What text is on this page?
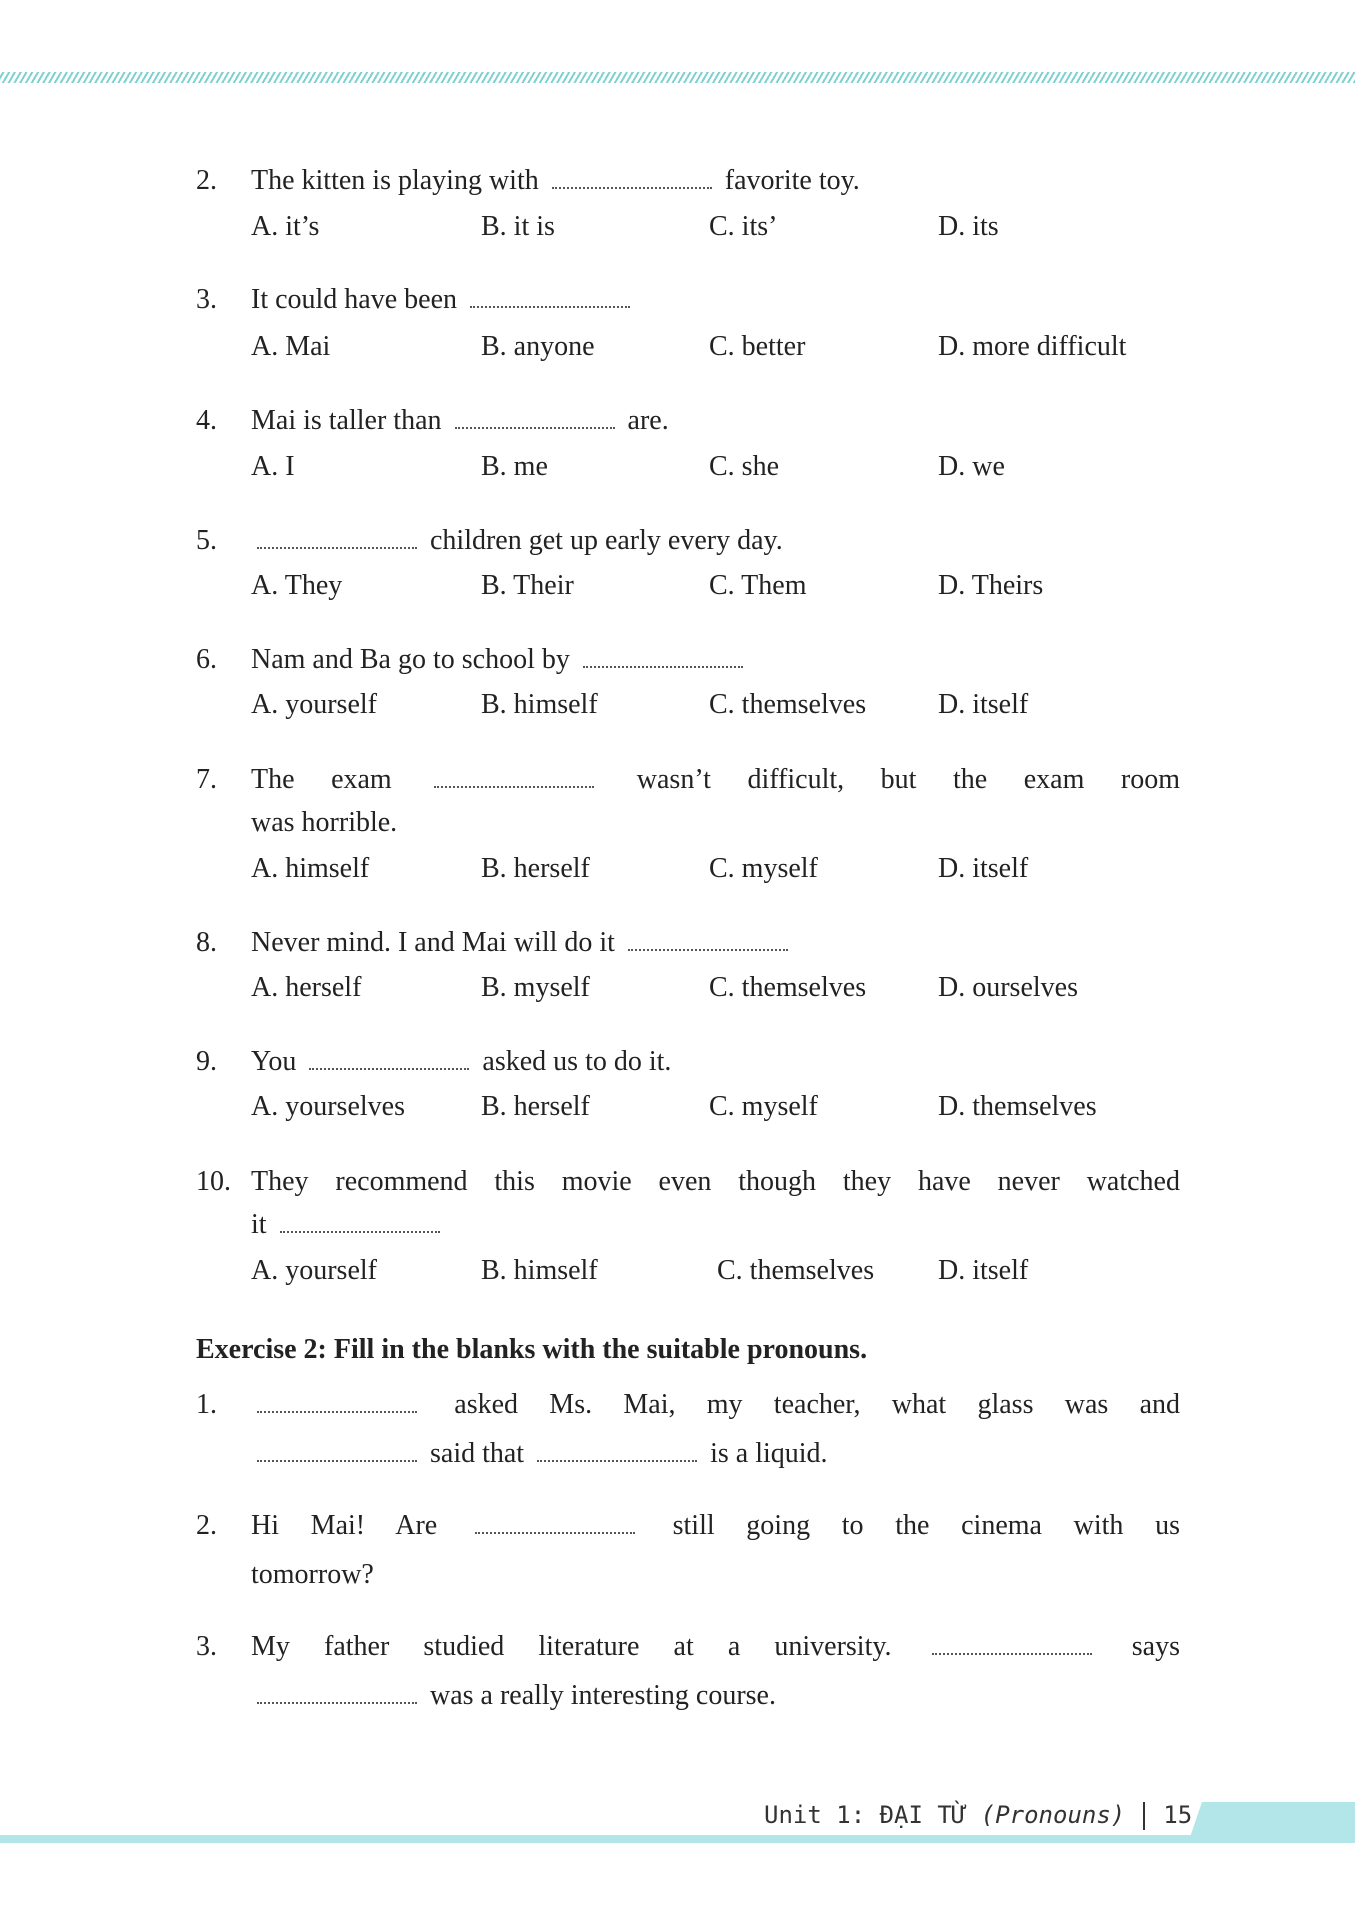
2. The kitten is playing with	favorite toy.
A. it’s	B. it is	C. its’	D. its
3. It could have been
A. Mai	B. anyone	C. better	D. more difficult
4. Mai is taller than	are.
A. I	B. me	C. she	D. we
5.	children get up early every day.
A. They	B. Their	C. Them	D. Theirs
6. Nam and Ba go to school by
A. yourself	B. himself	C. themselves	D. itself
7. The exam	wasn’t difficult, but the exam room
was horrible.
A. himself	B. herself	C. myself	D. itself
8. Never mind. I and Mai will do it
A. herself	B. myself	C. themselves	D. ourselves
9. You	asked us to do it.
A. yourselves	B. herself	C. myself	D. themselves
10. They recommend this movie even though they have never watched
it
A. yourself	B. himself	C. themselves D. itself
1.	asked Ms. Mai, my teacher, what glass was and
said that	is a liquid.
2. Hi Mai! Are	still going to the cinema with us
tomorrow?
3. My father studied literature at a university.	says
was a really interesting course.
Exercise 2: Fill in the blanks with the suitable pronouns.
Unit 1: ĐẠI TỪ (Pronouns) 15
